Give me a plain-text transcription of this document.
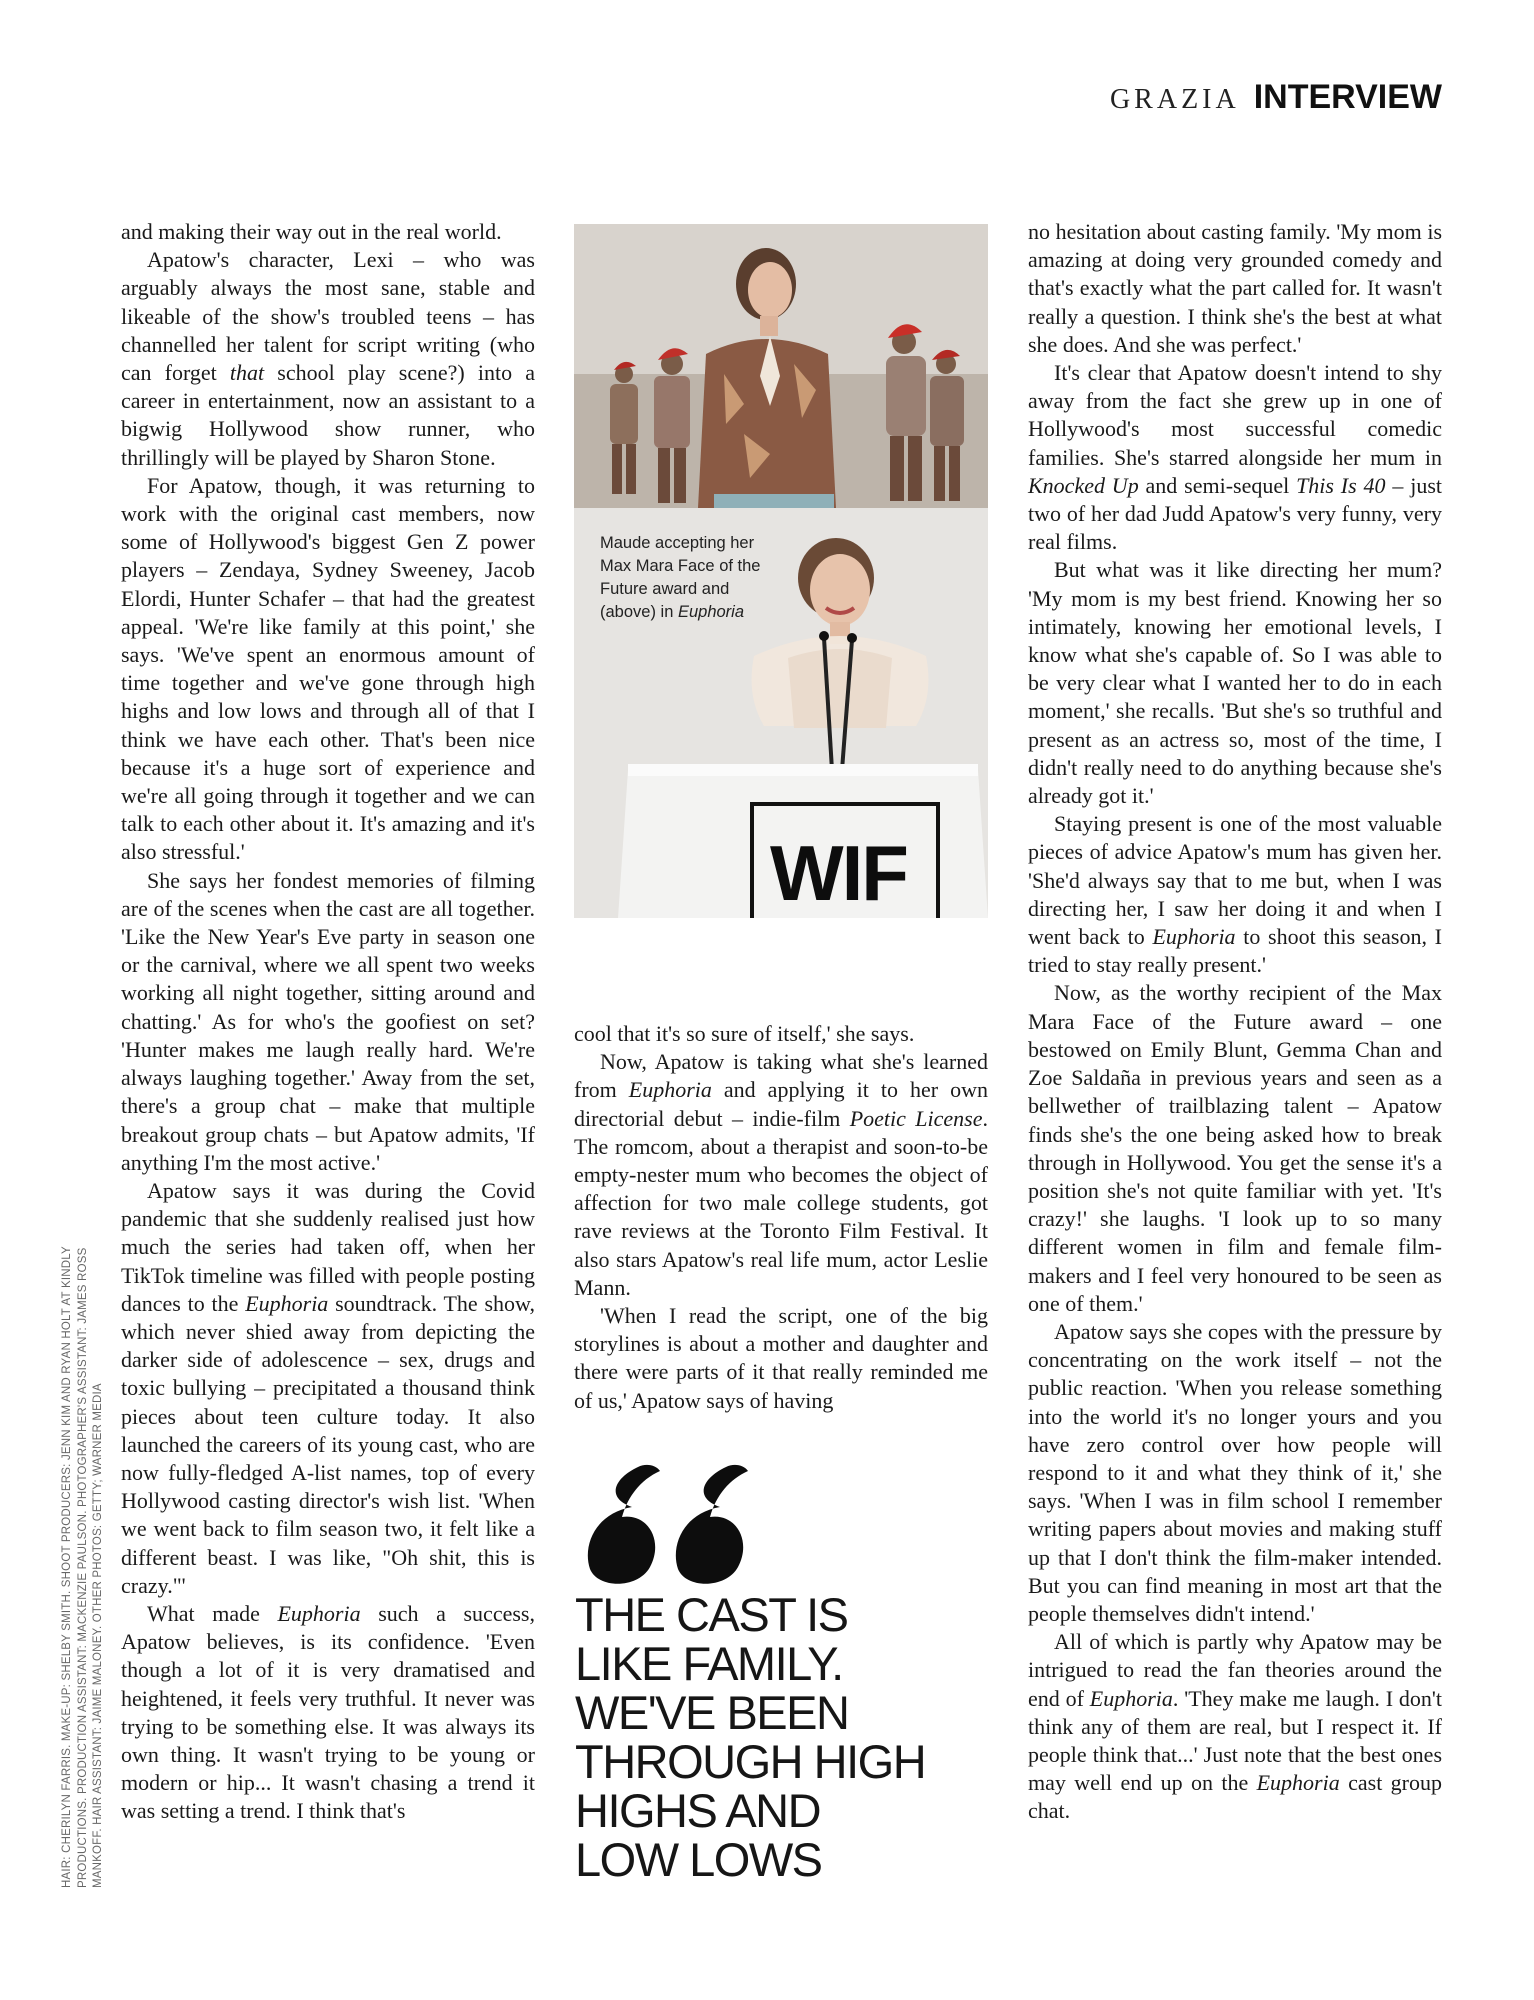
GRAZIA INTERVIEW
HAIR: CHERILYN FARRIS. MAKE-UP: SHELBY SMITH. SHOOT PRODUCERS: JENN KIM AND RYAN HOLT AT KINDLY PRODUCTIONS. PRODUCTION ASSISTANT: MACKENZIE PAULSON. PHOTOGRAPHER'S ASSISTANT: JAMES ROSS MANKOFF. HAIR ASSISTANT: JAIME MALONEY. OTHER PHOTOS: GETTY; WARNER MEDIA

and making their way out in the real world.

Apatow's character, Lexi – who was arguably always the most sane, stable and likeable of the show's troubled teens – has channelled her talent for script writing (who can forget that school play scene?) into a career in entertainment, now an assistant to a bigwig Hollywood show runner, who thrillingly will be played by Sharon Stone.

For Apatow, though, it was returning to work with the original cast members, now some of Hollywood's biggest Gen Z power players – Zendaya, Sydney Sweeney, Jacob Elordi, Hunter Schafer – that had the greatest appeal. 'We're like family at this point,' she says. 'We've spent an enormous amount of time together and we've gone through high highs and low lows and through all of that I think we have each other. That's been nice because it's a huge sort of experience and we're all going through it together and we can talk to each other about it. It's amazing and it's also stressful.'

She says her fondest memories of filming are of the scenes when the cast are all together. 'Like the New Year's Eve party in season one or the carnival, where we all spent two weeks working all night together, sitting around and chatting.' As for who's the goofiest on set? 'Hunter makes me laugh really hard. We're always laughing together.' Away from the set, there's a group chat – make that multiple breakout group chats – but Apatow admits, 'If anything I'm the most active.'

Apatow says it was during the Covid pandemic that she suddenly realised just how much the series had taken off, when her TikTok timeline was filled with people posting dances to the Euphoria soundtrack. The show, which never shied away from depicting the darker side of adolescence – sex, drugs and toxic bullying – precipitated a thousand think pieces about teen culture today. It also launched the careers of its young cast, who are now fully-fledged A-list names, top of every Hollywood casting director's wish list. 'When we went back to film season two, it felt like a different beast. I was like, "Oh shit, this is crazy."'

What made Euphoria such a success, Apatow believes, is its confidence. 'Even though a lot of it is very dramatised and heightened, it feels very truthful. It never was trying to be something else. It was always its own thing. It wasn't trying to be young or modern or hip... It wasn't chasing a trend it was setting a trend. I think that's

Maude accepting her Max Mara Face of the Future award and (above) in Euphoria
WIF

cool that it's so sure of itself,' she says.

Now, Apatow is taking what she's learned from Euphoria and applying it to her own directorial debut – indie-film Poetic License. The romcom, about a therapist and soon-to-be empty-nester mum who becomes the object of affection for two male college students, got rave reviews at the Toronto Film Festival. It also stars Apatow's real life mum, actor Leslie Mann.

'When I read the script, one of the big storylines is about a mother and daughter and there were parts of it that really reminded me of us,' Apatow says of having

THE CAST IS
LIKE FAMILY.
WE'VE BEEN
THROUGH HIGH
HIGHS AND
LOW LOWS

no hesitation about casting family. 'My mom is amazing at doing very grounded comedy and that's exactly what the part called for. It wasn't really a question. I think she's the best at what she does. And she was perfect.'

It's clear that Apatow doesn't intend to shy away from the fact she grew up in one of Hollywood's most successful comedic families. She's starred alongside her mum in Knocked Up and semi-sequel This Is 40 – just two of her dad Judd Apatow's very funny, very real films.

But what was it like directing her mum? 'My mom is my best friend. Knowing her so intimately, knowing her emotional levels, I know what she's capable of. So I was able to be very clear what I wanted her to do in each moment,' she recalls. 'But she's so truthful and present as an actress so, most of the time, I didn't really need to do anything because she's already got it.'

Staying present is one of the most valuable pieces of advice Apatow's mum has given her. 'She'd always say that to me but, when I was directing her, I saw her doing it and when I went back to Euphoria to shoot this season, I tried to stay really present.'

Now, as the worthy recipient of the Max Mara Face of the Future award – one bestowed on Emily Blunt, Gemma Chan and Zoe Saldaña in previous years and seen as a bellwether of trailblazing talent – Apatow finds she's the one being asked how to break through in Hollywood. You get the sense it's a position she's not quite familiar with yet. 'It's crazy!' she laughs. 'I look up to so many different women in film and female film-makers and I feel very honoured to be seen as one of them.'

Apatow says she copes with the pressure by concentrating on the work itself – not the public reaction. 'When you release something into the world it's no longer yours and you have zero control over how people will respond to it and what they think of it,' she says. 'When I was in film school I remember writing papers about movies and making stuff up that I don't think the film-maker intended. But you can find meaning in most art that the people themselves didn't intend.'

All of which is partly why Apatow may be intrigued to read the fan theories around the end of Euphoria. 'They make me laugh. I don't think any of them are real, but I respect it. If people think that...' Just note that the best ones may well end up on the Euphoria cast group chat.
